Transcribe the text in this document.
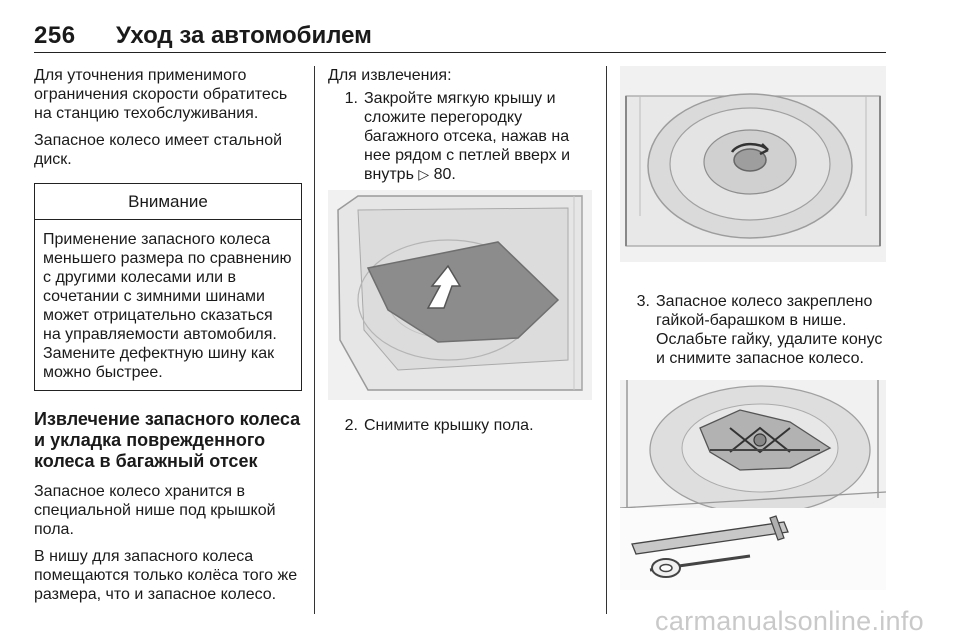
256 Уход за автомобилем

Для уточнения применимого ограничения скорости обратитесь на станцию техобслуживания.

Запасное колесо имеет стальной диск.

Внимание
Применение запасного колеса меньшего размера по сравнению с другими колесами или в сочетании с зимними шинами может отрицательно сказаться на управляемости автомобиля. Замените дефектную шину как можно быстрее.
Извлечение запасного колеса и укладка поврежденного колеса в багажный отсек

Запасное колесо хранится в специальной нише под крышкой пола.

В нишу для запасного колеса помещаются только колёса того же размера, что и запасное колесо.

Для извлечения:

1. Закройте мягкую крышу и сложите перегородку багажного отсека, нажав на нее рядом с петлей вверх и внутрь ▷ 80.
2. Снимите крышку пола.
3. Запасное колесо закреплено гайкой-барашком в нише. Ослабьте гайку, удалите конус и снимите запасное колесо.
carmanualsonline.info
